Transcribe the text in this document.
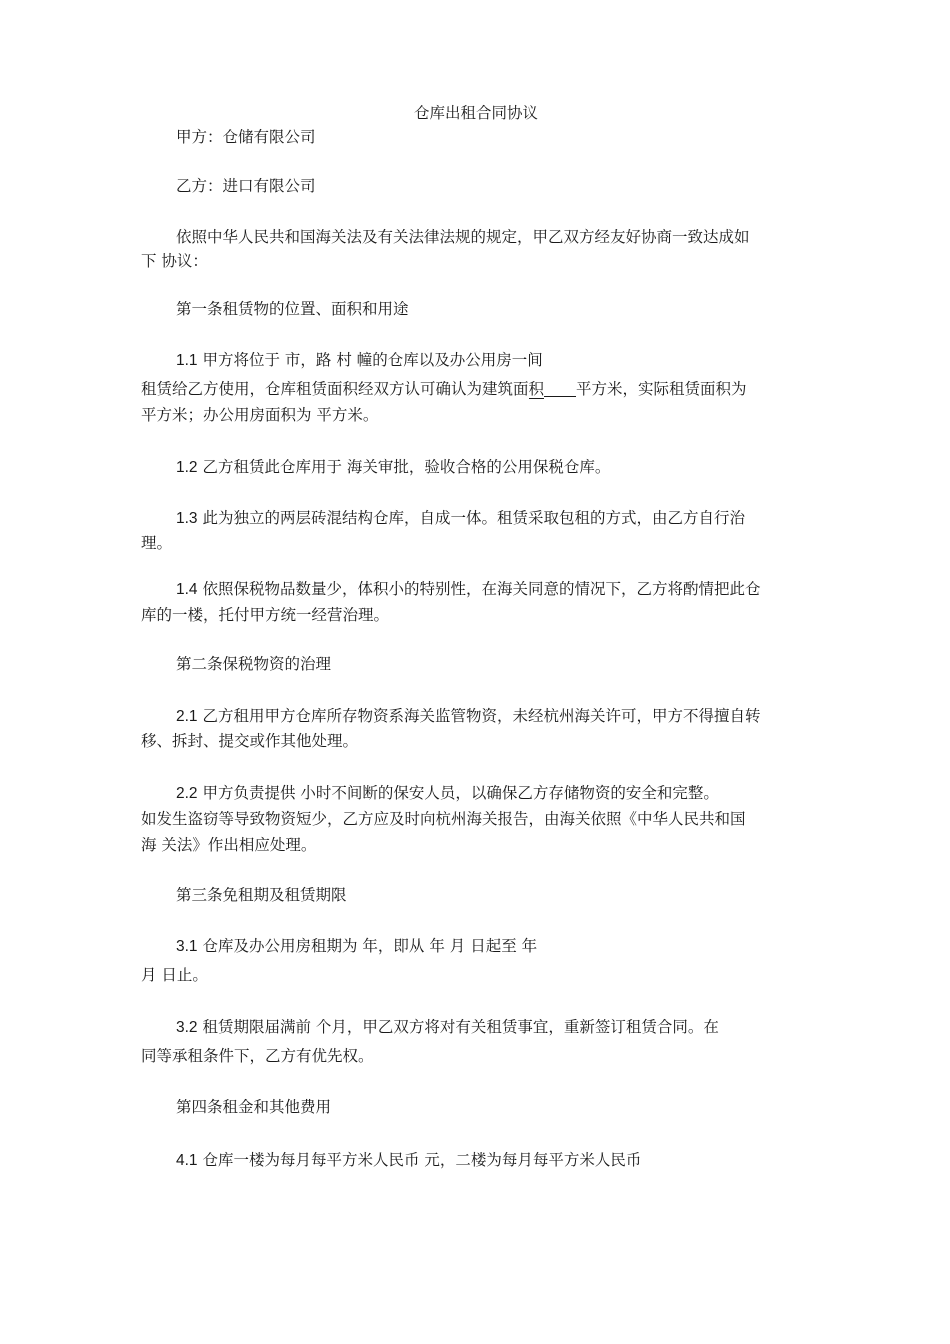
仓库出租合同协议
甲方：仓储有限公司
乙方：进口有限公司
依照中华人民共和国海关法及有关法律法规的规定，甲乙双方经友好协商一致达成如
下 协议：
第一条租赁物的位置、面积和用途
1.1 甲方将位于 市，路 村 幢的仓库以及办公用房一间
租赁给乙方使用，仓库租赁面积经双方认可确认为建筑面积 平方米，实际租赁面积为
平方米；办公用房面积为 平方米。
1.2 乙方租赁此仓库用于 海关审批，验收合格的公用保税仓库。
1.3 此为独立的两层砖混结构仓库，自成一体。租赁采取包租的方式，由乙方自行治
理。
1.4 依照保税物品数量少，体积小的特别性，在海关同意的情况下，乙方将酌情把此仓
库的一楼，托付甲方统一经营治理。
第二条保税物资的治理
2.1 乙方租用甲方仓库所存物资系海关监管物资，未经杭州海关许可，甲方不得擅自转
移、拆封、提交或作其他处理。
2.2 甲方负责提供 小时不间断的保安人员，以确保乙方存储物资的安全和完整。
如发生盗窃等导致物资短少，乙方应及时向杭州海关报告，由海关依照《中华人民共和国
海 关法》作出相应处理。
第三条免租期及租赁期限
3.1 仓库及办公用房租期为 年，即从 年 月 日起至 年
月 日止。
3.2 租赁期限届满前 个月，甲乙双方将对有关租赁事宜，重新签订租赁合同。在
同等承租条件下，乙方有优先权。
第四条租金和其他费用
4.1 仓库一楼为每月每平方米人民币 元，二楼为每月每平方米人民币
